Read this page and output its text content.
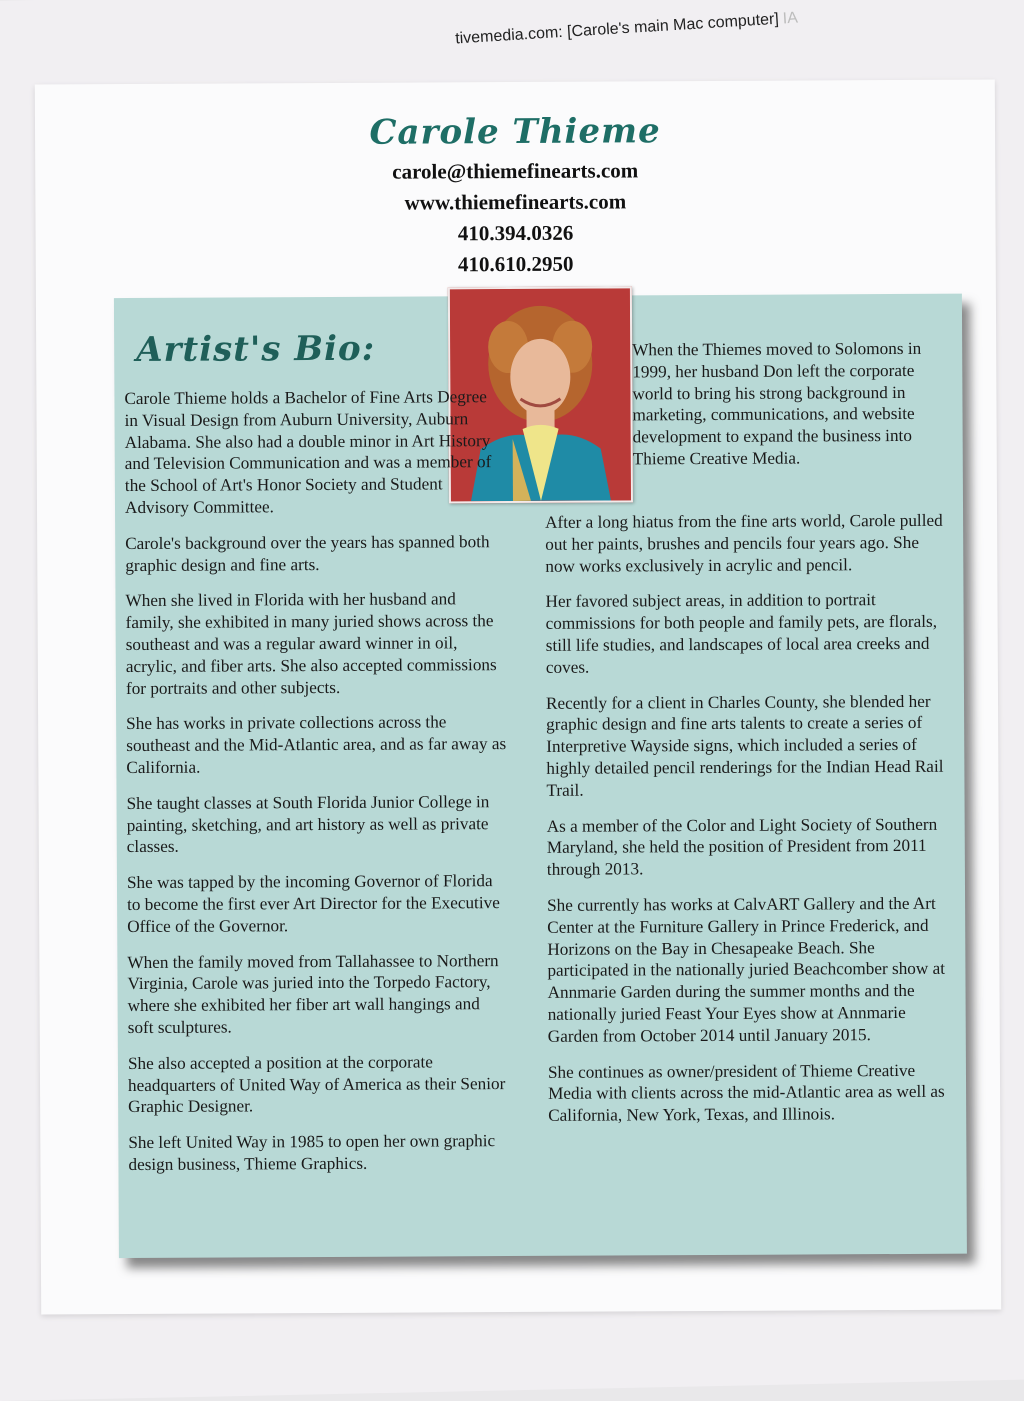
tivemedia.com: [Carole's main Mac computer] IA
Carole Thieme
carole@thiemefinearts.com
www.thiemefinearts.com
410.394.0326
410.610.2950
Artist's Bio:

Carole Thieme holds a Bachelor of Fine Arts Degree in Visual Design from Auburn University, Auburn Alabama. She also had a double minor in Art History and Television Communication and was a member of the School of Art's Honor Society and Student Advisory Committee.

Carole's background over the years has spanned both graphic design and fine arts.

When she lived in Florida with her husband and family, she exhibited in many juried shows across the southeast and was a regular award winner in oil, acrylic, and fiber arts. She also accepted commissions for portraits and other subjects.

She has works in private collections across the southeast and the Mid-Atlantic area, and as far away as California.

She taught classes at South Florida Junior College in painting, sketching, and art history as well as private classes.

She was tapped by the incoming Governor of Florida to become the first ever Art Director for the Executive Office of the Governor.

When the family moved from Tallahassee to Northern Virginia, Carole was juried into the Torpedo Factory, where she exhibited her fiber art wall hangings and soft sculptures.

She also accepted a position at the corporate headquarters of United Way of America as their Senior Graphic Designer.

She left United Way in 1985 to open her own graphic design business, Thieme Graphics.

When the Thiemes moved to Solomons in 1999, her husband Don left the corporate world to bring his strong background in marketing, communications, and website development to expand the business into Thieme Creative Media.

After a long hiatus from the fine arts world, Carole pulled out her paints, brushes and pencils four years ago. She now works exclusively in acrylic and pencil.

Her favored subject areas, in addition to portrait commissions for both people and family pets, are florals, still life studies, and landscapes of local area creeks and coves.

Recently for a client in Charles County, she blended her graphic design and fine arts talents to create a series of Interpretive Wayside signs, which included a series of highly detailed pencil renderings for the Indian Head Rail Trail.

As a member of the Color and Light Society of Southern Maryland, she held the position of President from 2011 through 2013.

She currently has works at CalvART Gallery and the Art Center at the Furniture Gallery in Prince Frederick, and Horizons on the Bay in Chesapeake Beach. She participated in the nationally juried Beachcomber show at Annmarie Garden during the summer months and the nationally juried Feast Your Eyes show at Annmarie Garden from October 2014 until January 2015.

She continues as owner/president of Thieme Creative Media with clients across the mid-Atlantic area as well as California, New York, Texas, and Illinois.
